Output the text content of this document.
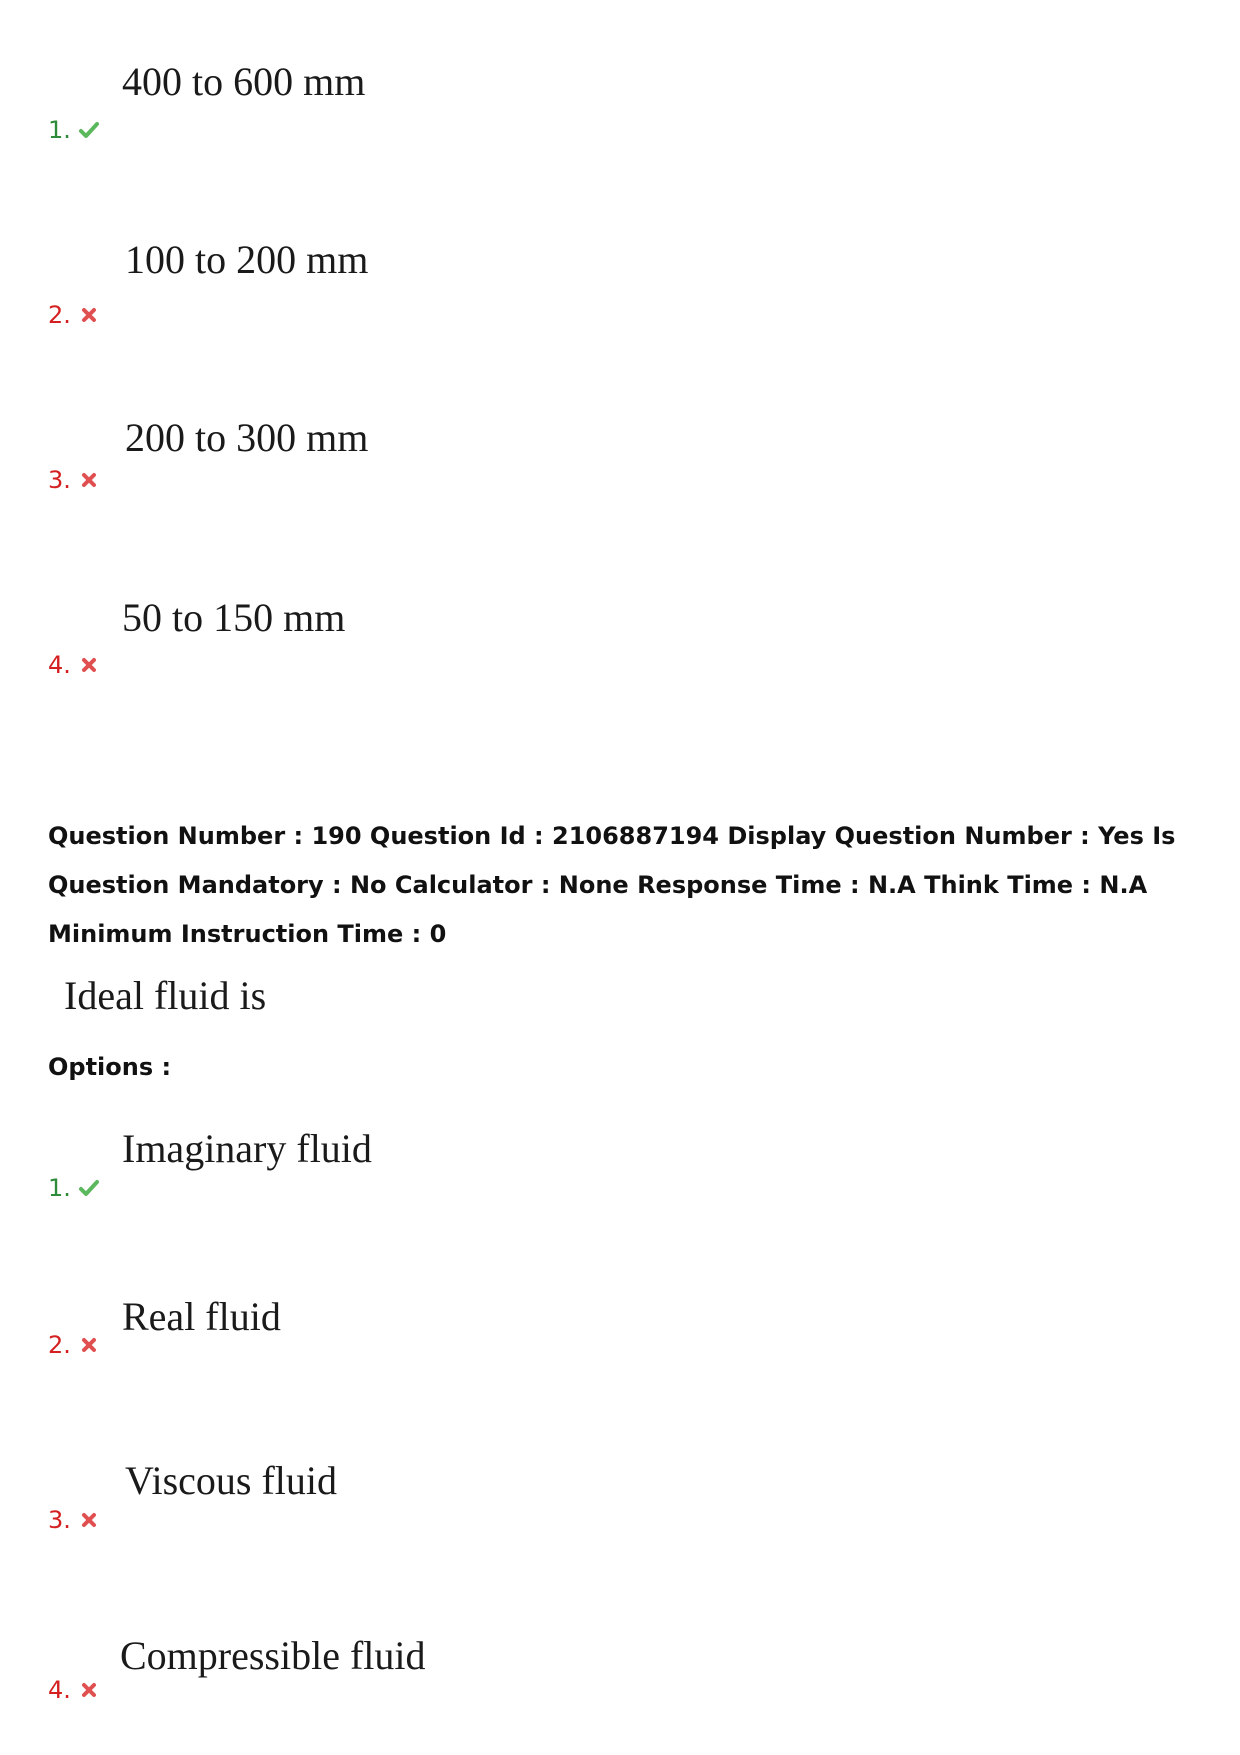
400 to 600 mm
1.
100 to 200 mm
2.
200 to 300 mm
3.
50 to 150 mm
4.
Question Number : 190 Question Id : 2106887194 Display Question Number : Yes Is Question Mandatory : No Calculator : None Response Time : N.A Think Time : N.A Minimum Instruction Time : 0
Ideal fluid is
Options :
Imaginary fluid
1.
Real fluid
2.
Viscous fluid
3.
Compressible fluid
4.
